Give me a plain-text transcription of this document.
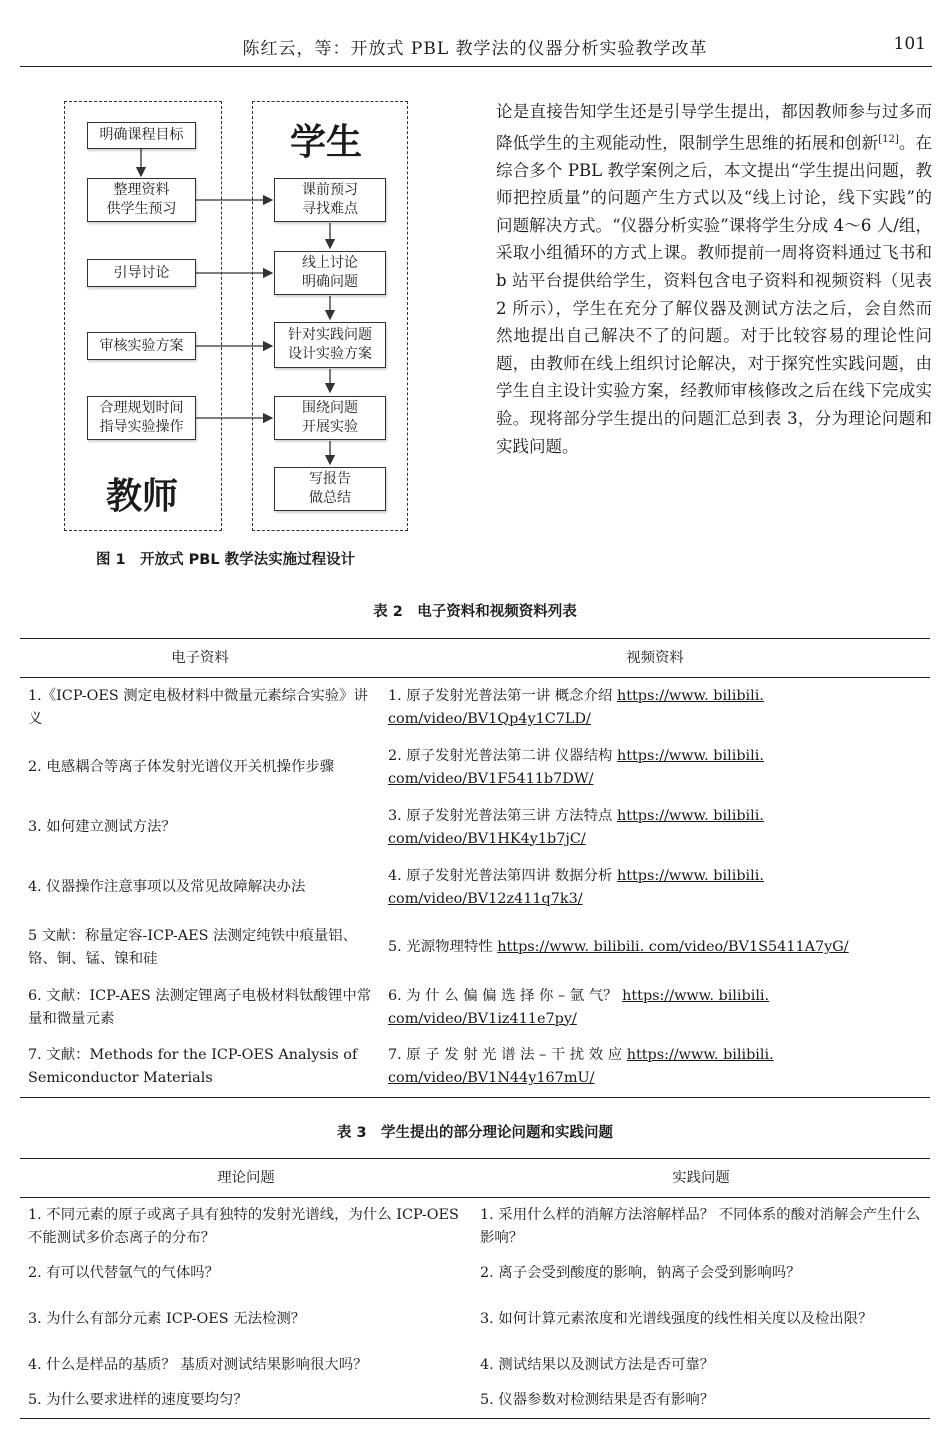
陈红云，等：开放式 PBL 教学法的仪器分析实验教学改革	101
明确课程目标
整理资料
供学生预习
引导讨论
审核实验方案
合理规划时间
指导实验操作
教师
学生
课前预习
寻找难点
线上讨论
明确问题
针对实践问题
设计实验方案
围绕问题
开展实验
写报告
做总结
图 1　开放式 PBL 教学法实施过程设计
论是直接告知学生还是引导学生提出，都因教师参与过多而降低学生的主观能动性，限制学生思维的拓展和创新[12]。在综合多个 PBL 教学案例之后，本文提出“学生提出问题，教师把控质量”的问题产生方式以及“线上讨论，线下实践”的问题解决方式。“仪器分析实验”课将学生分成 4～6 人/组，采取小组循环的方式上课。教师提前一周将资料通过飞书和 b 站平台提供给学生，资料包含电子资料和视频资料（见表 2 所示），学生在充分了解仪器及测试方法之后，会自然而然地提出自己解决不了的问题。对于比较容易的理论性问题，由教师在线上组织讨论解决，对于探究性实践问题，由学生自主设计实验方案，经教师审核修改之后在线下完成实验。现将部分学生提出的问题汇总到表 3，分为理论问题和实践问题。
表 2　电子资料和视频资料列表
电子资料	视频资料
1.《ICP-OES 测定电极材料中微量元素综合实验》讲义	1. 原子发射光普法第一讲 概念介绍 https://www. bilibili. com/video/BV1Qp4y1C7LD/
2. 电感耦合等离子体发射光谱仪开关机操作步骤	2. 原子发射光普法第二讲 仪器结构 https://www. bilibili. com/video/BV1F5411b7DW/
3. 如何建立测试方法？	3. 原子发射光普法第三讲 方法特点 https://www. bilibili. com/video/BV1HK4y1b7jC/
4. 仪器操作注意事项以及常见故障解决办法	4. 原子发射光普法第四讲 数据分析 https://www. bilibili. com/video/BV12z411q7k3/
5 文献：称量定容-ICP-AES 法测定纯铁中痕量铝、铬、铜、锰、镍和硅	5. 光源物理特性 https://www. bilibili. com/video/BV1S5411A7yG/
6. 文献：ICP-AES 法测定锂离子电极材料钛酸锂中常量和微量元素	6. 为 什 么 偏 偏 选 择 你 – 氩 气？ https://www. bilibili. com/video/BV1iz411e7py/
7. 文献：Methods for the ICP-OES Analysis of Semiconductor Materials	7. 原 子 发 射 光 谱 法 – 干 扰 效 应 https://www. bilibili. com/video/BV1N44y167mU/
表 3　学生提出的部分理论问题和实践问题
理论问题	实践问题
1. 不同元素的原子或离子具有独特的发射光谱线，为什么 ICP-OES 不能测试多价态离子的分布？	1. 采用什么样的消解方法溶解样品？ 不同体系的酸对消解会产生什么影响？
2. 有可以代替氩气的气体吗？	2. 离子会受到酸度的影响，钠离子会受到影响吗？
3. 为什么有部分元素 ICP-OES 无法检测？	3. 如何计算元素浓度和光谱线强度的线性相关度以及检出限？
4. 什么是样品的基质？ 基质对测试结果影响很大吗？	4. 测试结果以及测试方法是否可靠？
5. 为什么要求进样的速度要均匀？	5. 仪器参数对检测结果是否有影响？
